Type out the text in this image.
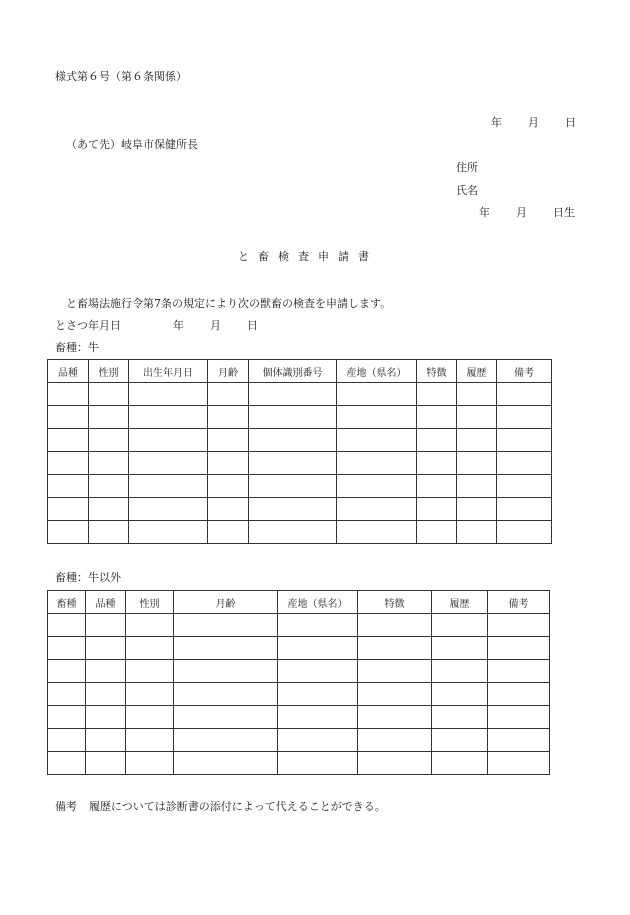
様式第６号（第６条関係）
年 月 日
（あて先）岐阜市保健所長
住所
氏名
年 月 日生
と畜検査申請書
と畜場法施行令第7条の規定により次の獣畜の検査を申請します。
とさつ年月日	年 月 日
畜種：牛
品種	性別	出生年月日	月齢	個体識別番号	産地（県名）	特徴	履歴	備考

畜種：牛以外
畜種	品種	性別	月齢	産地（県名）	特徴	履歴	備考

備考 履歴については診断書の添付によって代えることができる。
